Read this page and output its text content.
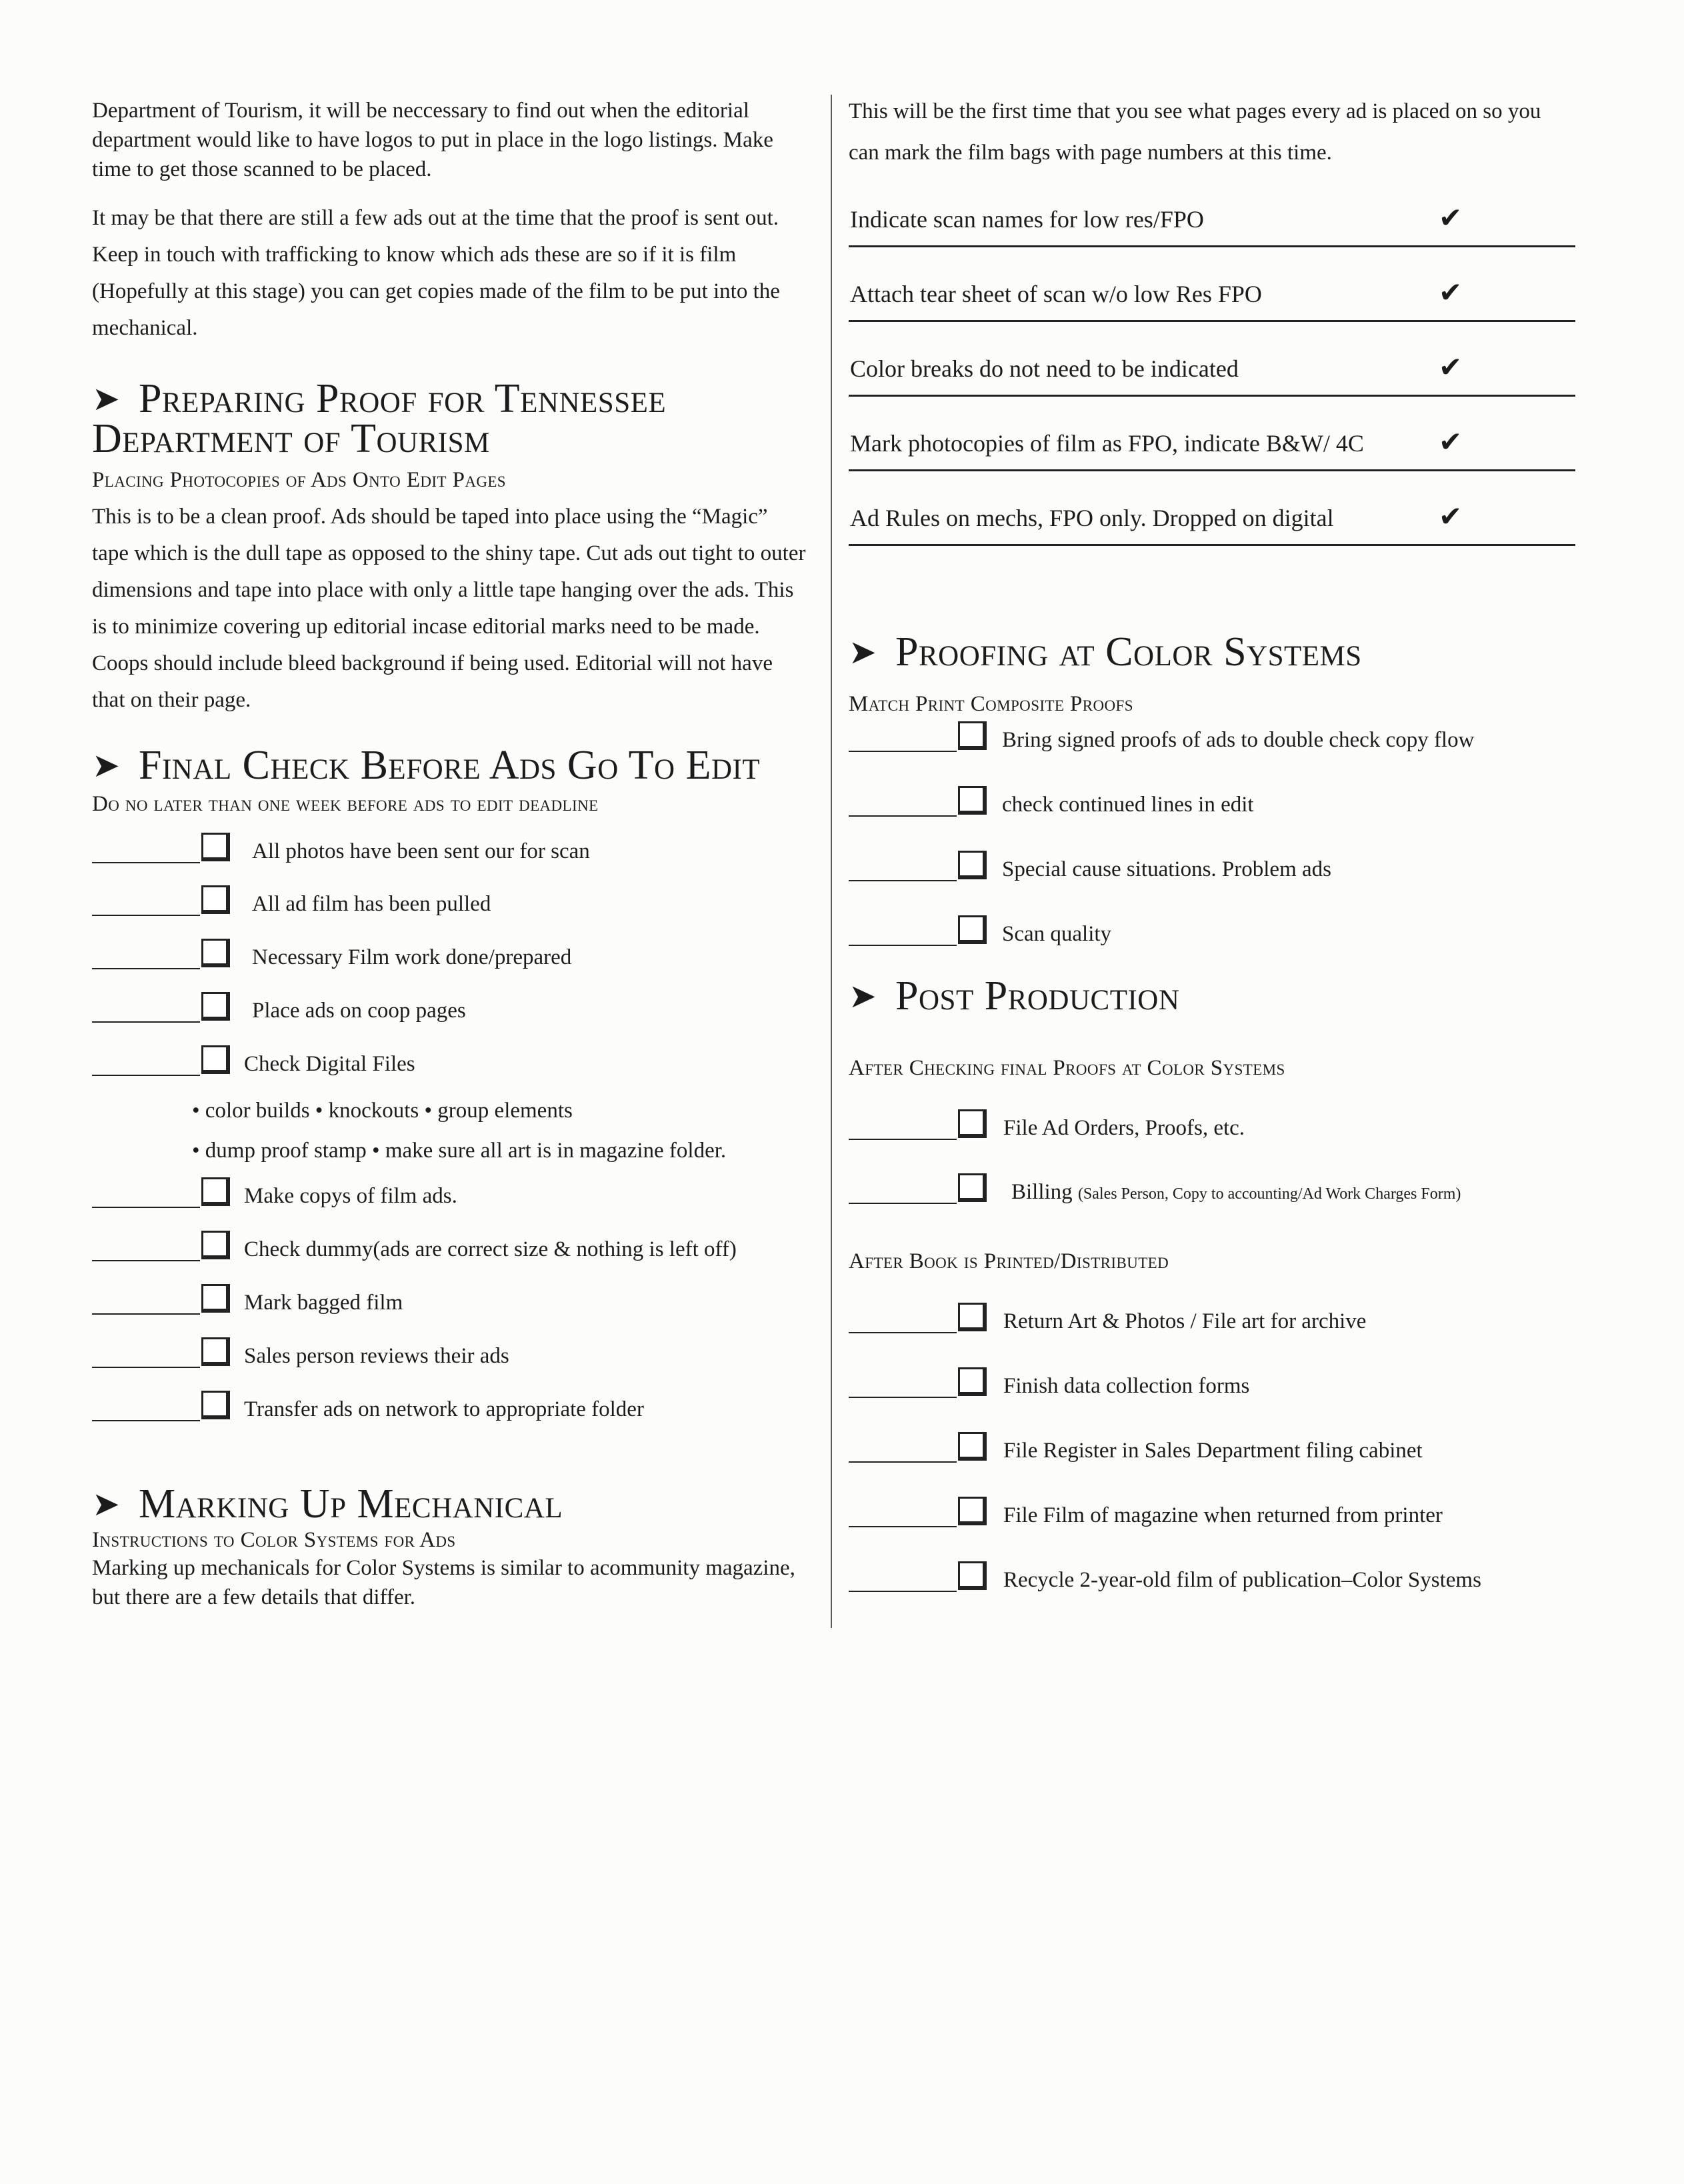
Department of Tourism, it will be neccessary to find out when the editorial department would like to have logos to put in place in the logo listings. Make time to get those scanned to be placed.

It may be that there are still a few ads out at the time that the proof is sent out. Keep in touch with trafficking to know which ads these are so if it is film (Hopefully at this stage) you can get copies made of the film to be put into the mechanical.

➤ Preparing Proof for Tennessee
Department of Tourism

Placing Photocopies of Ads Onto Edit Pages

This is to be a clean proof. Ads should be taped into place using the “Magic” tape which is the dull tape as opposed to the shiny tape. Cut ads out tight to outer dimensions and tape into place with only a little tape hanging over the ads. This is to minimize covering up editorial incase editorial marks need to be made. Coops should include bleed background if being used. Editorial will not have that on their page.

➤ Final Check Before Ads Go To Edit

Do no later than one week before ads to edit deadline

All photos have been sent our for scan
All ad film has been pulled
Necessary Film work done/prepared
Place ads on coop pages
Check Digital Files
• color builds • knockouts • group elements
• dump proof stamp • make sure all art is in magazine folder.
Make copys of film ads.
Check dummy(ads are correct size & nothing is left off)
Mark bagged film
Sales person reviews their ads
Transfer ads on network to appropriate folder
➤ Marking Up Mechanical

Instructions to Color Systems for Ads

Marking up mechanicals for Color Systems is similar to acommunity magazine, but there are a few details that differ.

This will be the first time that you see what pages every ad is placed on so you can mark the film bags with page numbers at this time.

Indicate scan names for low res/FPO	✔
Attach tear sheet of scan w/o low Res FPO	✔
Color breaks do not need to be indicated	✔
Mark photocopies of film as FPO, indicate B&W/ 4C	✔
Ad Rules on mechs, FPO only. Dropped on digital	✔
➤ Proofing at Color Systems

Match Print Composite Proofs

Bring signed proofs of ads to double check copy flow
check continued lines in edit
Special cause situations. Problem ads
Scan quality
➤ Post Production

After Checking final Proofs at Color Systems

File Ad Orders, Proofs, etc.
Billing (Sales Person, Copy to accounting/Ad Work Charges Form)

After Book is Printed/Distributed

Return Art & Photos / File art for archive
Finish data collection forms
File Register in Sales Department filing cabinet
File Film of magazine when returned from printer
Recycle 2-year-old film of publication–Color Systems
